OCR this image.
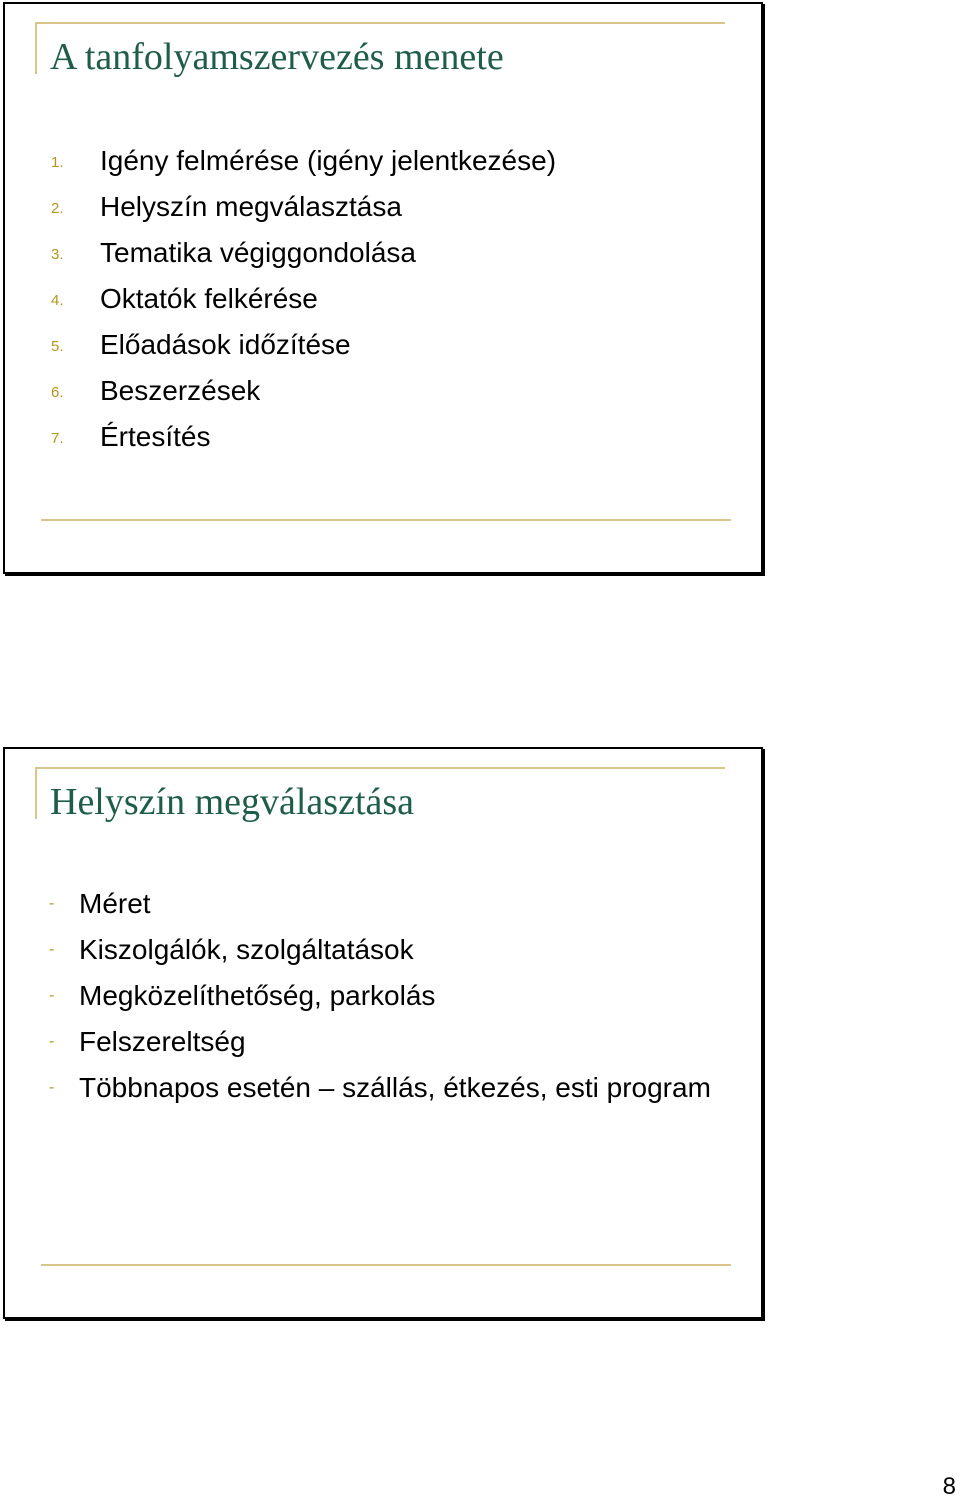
A tanfolyamszervezés menete
1. Igény felmérése (igény jelentkezése)
2. Helyszín megválasztása
3. Tematika végiggondolása
4. Oktatók felkérése
5. Előadások időzítése
6. Beszerzések
7. Értesítés
Helyszín megválasztása
- Méret
- Kiszolgálók, szolgáltatások
- Megközelíthetőség, parkolás
- Felszereltség
- Többnapos esetén – szállás, étkezés, esti program
8
